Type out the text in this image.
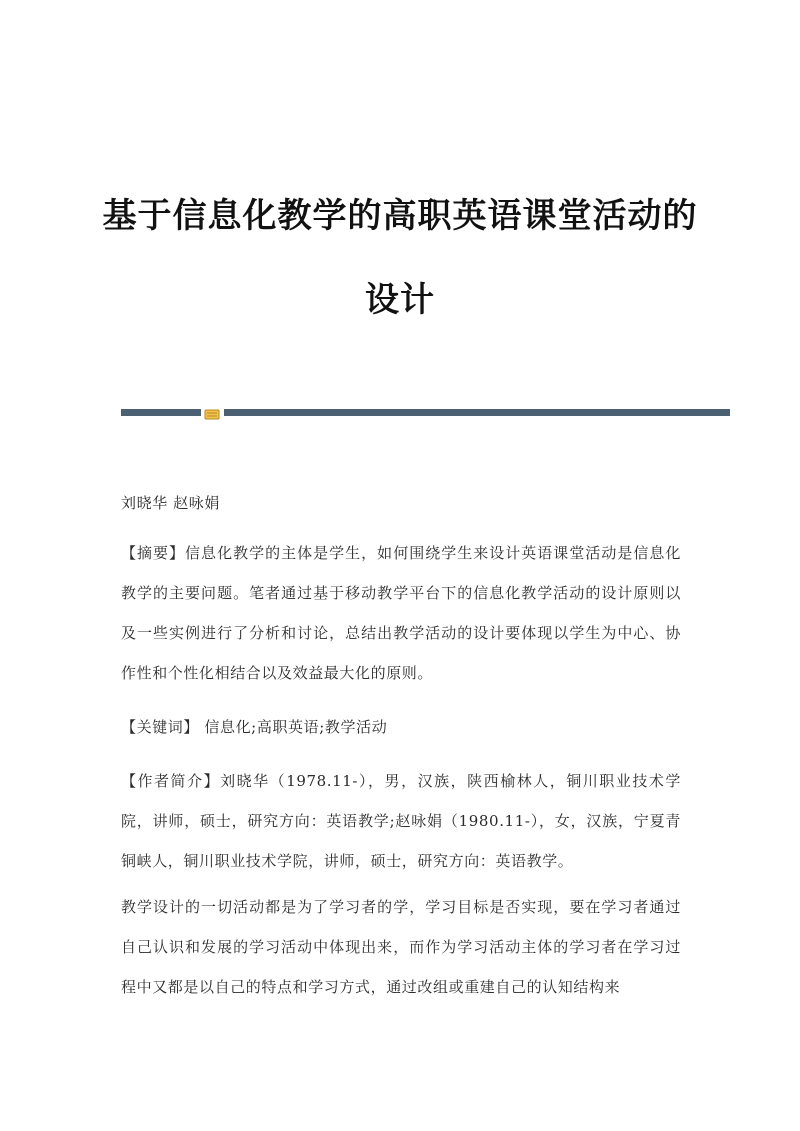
基于信息化教学的高职英语课堂活动的
设计

刘晓华 赵咏娟

【摘要】信息化教学的主体是学生，如何围绕学生来设计英语课堂活动是信息化教学的主要问题。笔者通过基于移动教学平台下的信息化教学活动的设计原则以及一些实例进行了分析和讨论，总结出教学活动的设计要体现以学生为中心、协作性和个性化相结合以及效益最大化的原则。

【关键词】 信息化;高职英语;教学活动

【作者简介】刘晓华（1978.11-），男，汉族，陕西榆林人，铜川职业技术学院，讲师，硕士，研究方向：英语教学;赵咏娟（1980.11-），女，汉族，宁夏青铜峡人，铜川职业技术学院，讲师，硕士，研究方向：英语教学。

教学设计的一切活动都是为了学习者的学，学习目标是否实现，要在学习者通过自己认识和发展的学习活动中体现出来，而作为学习活动主体的学习者在学习过程中又都是以自己的特点和学习方式，通过改组或重建自己的认知结构来
